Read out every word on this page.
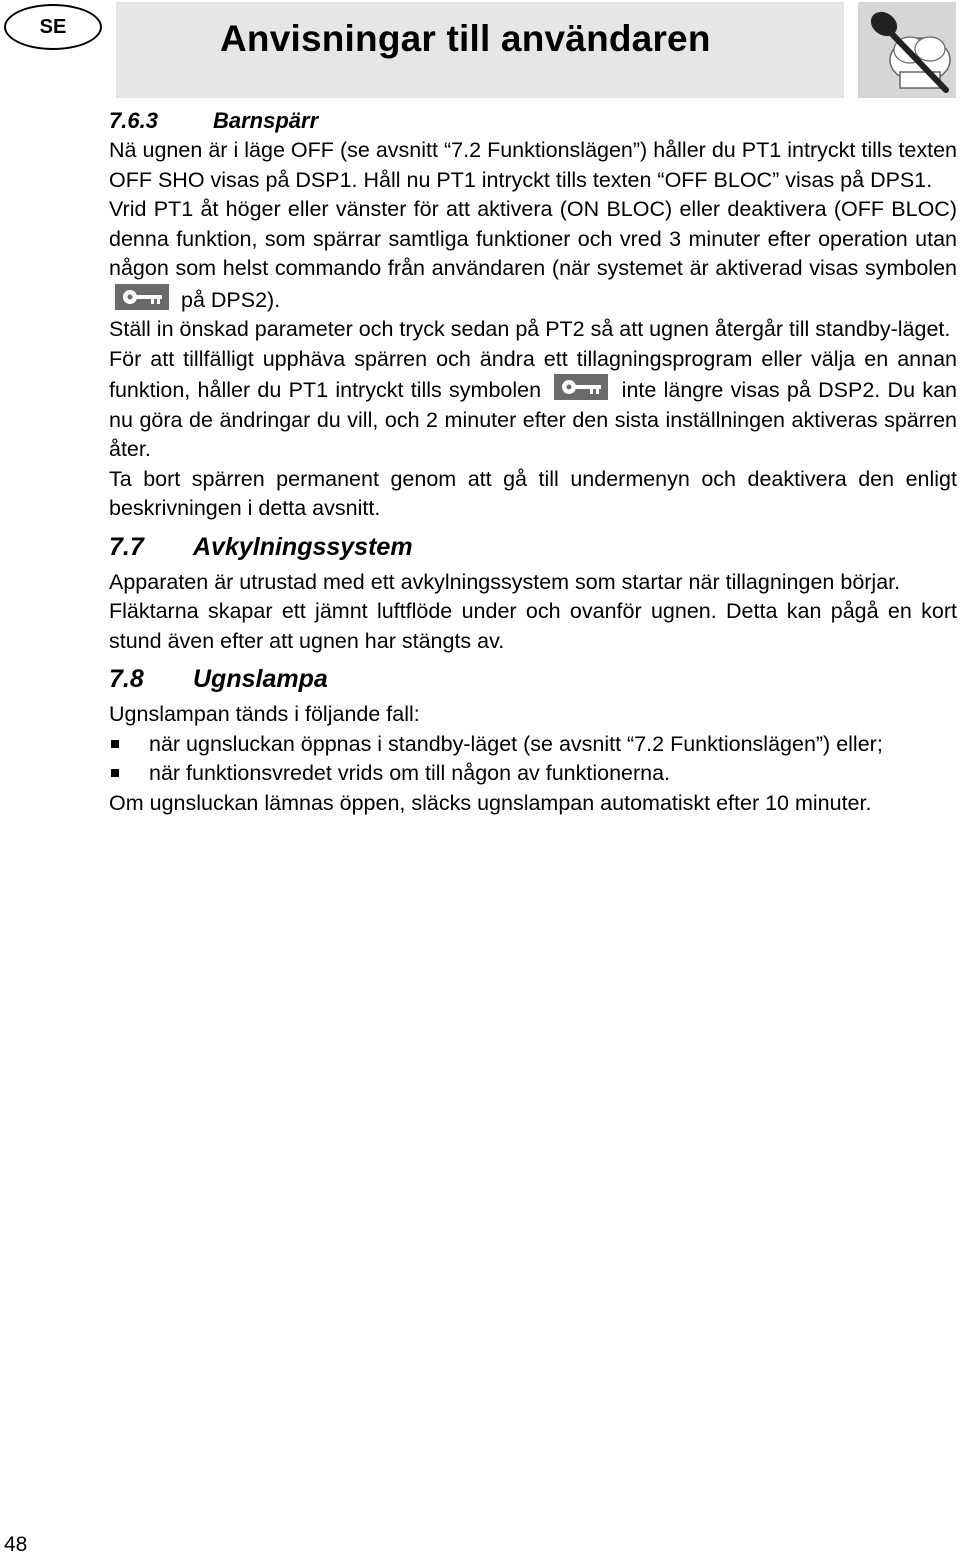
SE	Anvisningar till användaren
7.6.3	Barnspärr

Nä ugnen är i läge OFF (se avsnitt “7.2 Funktionslägen”) håller du PT1 intryckt tills texten OFF SHO visas på DSP1. Håll nu PT1 intryckt tills texten “OFF BLOC” visas på DPS1.

Vrid PT1 åt höger eller vänster för att aktivera (ON BLOC) eller deaktivera (OFF BLOC) denna funktion, som spärrar samtliga funktioner och vred 3 minuter efter operation utan någon som helst commando från användaren (när systemet är aktiverad visas symbolen  på DPS2).

Ställ in önskad parameter och tryck sedan på PT2 så att ugnen återgår till standby-läget.

För att tillfälligt upphäva spärren och ändra ett tillagningsprogram eller välja en annan funktion, håller du PT1 intryckt tills symbolen	inte längre visas på DSP2. Du kan nu göra de ändringar du vill, och 2 minuter efter den sista inställningen aktiveras spärren åter.

Ta bort spärren permanent genom att gå till undermenyn och deaktivera den enligt beskrivningen i detta avsnitt.

7.7 Avkylningssystem

Apparaten är utrustad med ett avkylningssystem som startar när tillagningen börjar.

Fläktarna skapar ett jämnt luftflöde under och ovanför ugnen. Detta kan pågå en kort stund även efter att ugnen har stängts av.

7.8 Ugnslampa

Ugnslampan tänds i följande fall:

när ugnsluckan öppnas i standby-läget (se avsnitt “7.2 Funktionslägen”) eller;
när funktionsvredet vrids om till någon av funktionerna.

Om ugnsluckan lämnas öppen, släcks ugnslampan automatiskt efter 10 minuter.

48
